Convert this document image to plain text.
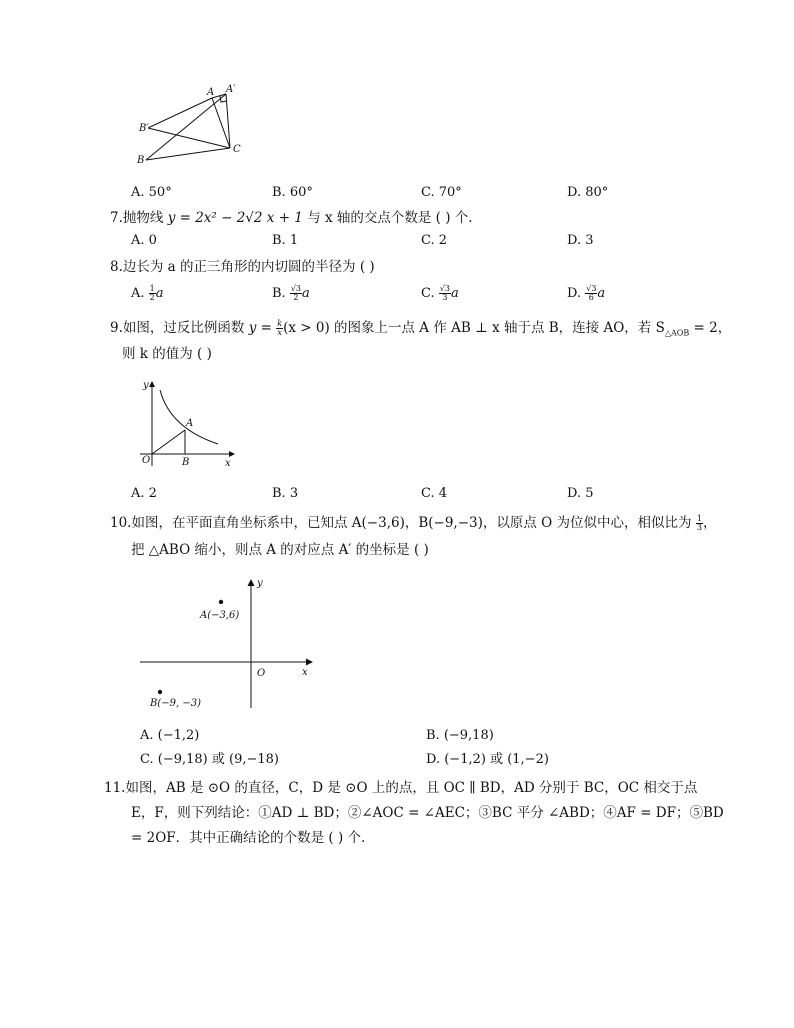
A A′
B′
B
C
A. 50°	B. 60°	C. 70°	D. 80°
7.抛物线 y = 2x² − 2√2 x + 1 与 x 轴的交点个数是 ( ) 个.
A. 0	B. 1	C. 2	D. 3
8.边长为 a 的正三角形的内切圆的半径为 ( )
A. $\frac{1}{2}$ a	B. $\frac{√3}{2}$ a	C. $\frac{√3}{3}$ a	D. $\frac{√3}{6}$ a
9.如图，过反比例函数 $y = \frac{k}{x} (x > 0)$ 的图象上一点 A 作 AB ⊥ x 轴于点 B，连接 AO，若 $S_{\triangle AOB} = 2$，
则 k 的值为 ( )
y
x
O
A
B
A. 2	B. 3	C. 4	D. 5
10.如图，在平面直角坐标系中，已知点 A(−3,6)，B(−9,−3)，以原点 O 为位似中心，相似比为 $\frac{1}{3}$ ，
把 △ABO 缩小，则点 A 的对应点 A′ 的坐标是 ( )
y
x
O
A(−3,6)
B(−9, −3)
A. (−1,2)	B. (−9,18)
C. (−9,18) 或 (9,−18)	D. (−1,2) 或 (1,−2)
11.如图，AB 是 ⊙O 的直径，C，D 是 ⊙O 上的点，且 OC ∥ BD，AD 分别于 BC，OC 相交于点
E，F，则下列结论：①AD ⊥ BD；②∠AOC = ∠AEC；③BC 平分 ∠ABD；④AF = DF；⑤BD
= 2OF．其中正确结论的个数是 ( ) 个.
